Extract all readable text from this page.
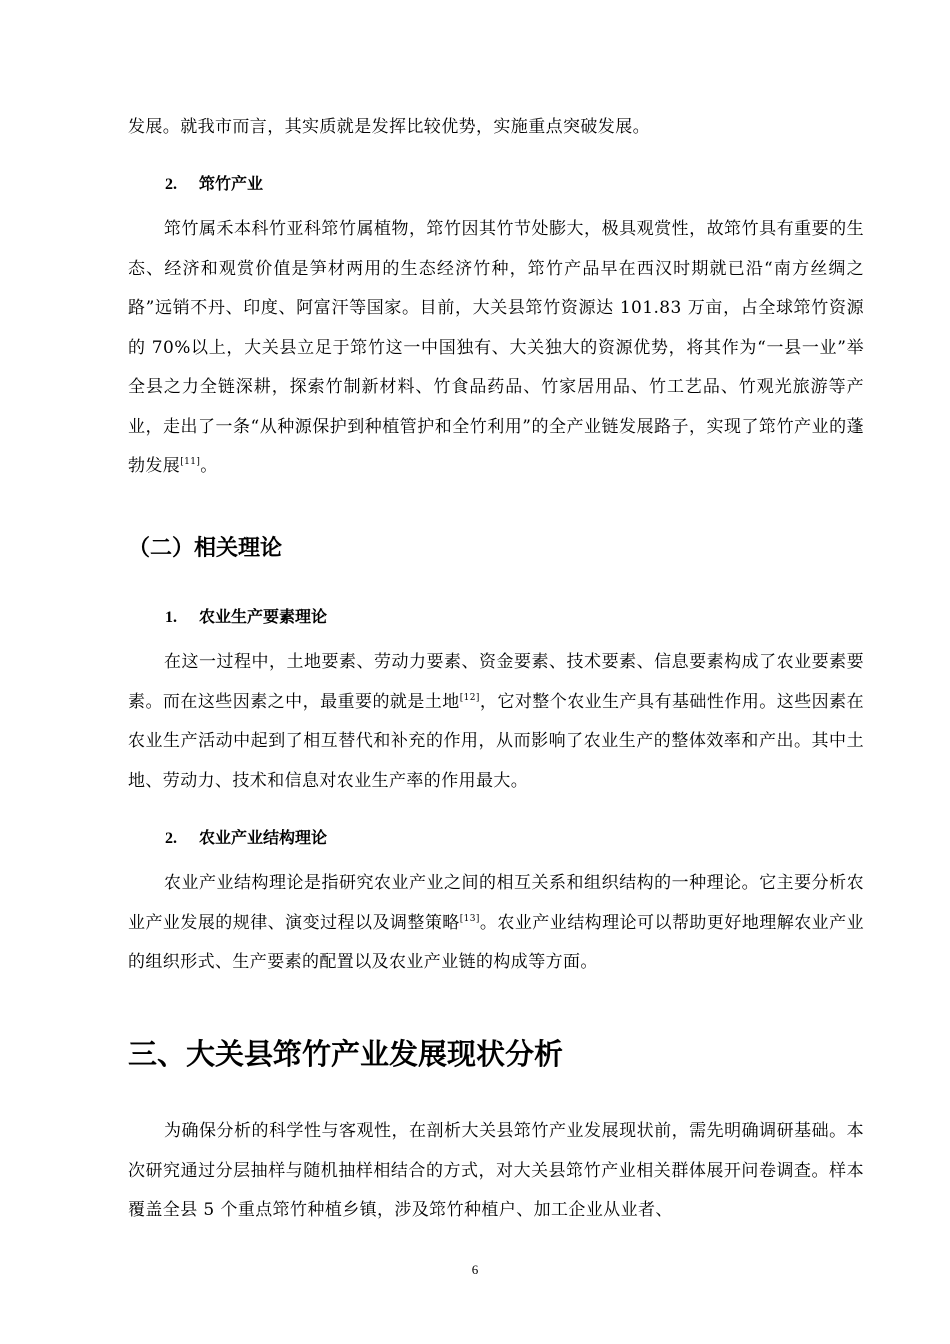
发展。就我市而言，其实质就是发挥比较优势，实施重点突破发展。
2. 筇竹产业
筇竹属禾本科竹亚科筇竹属植物，筇竹因其竹节处膨大，极具观赏性，故筇竹具有重要的生态、经济和观赏价值是笋材两用的生态经济竹种，筇竹产品早在西汉时期就已沿“南方丝绸之路”远销不丹、印度、阿富汗等国家。目前，大关县筇竹资源达 101.83 万亩，占全球筇竹资源的 70%以上，大关县立足于筇竹这一中国独有、大关独大的资源优势，将其作为“一县一业”举全县之力全链深耕，探索竹制新材料、竹食品药品、竹家居用品、竹工艺品、竹观光旅游等产业，走出了一条“从种源保护到种植管护和全竹利用”的全产业链发展路子，实现了筇竹产业的蓬勃发展[11]。
（二）相关理论
1. 农业生产要素理论
在这一过程中，土地要素、劳动力要素、资金要素、技术要素、信息要素构成了农业要素要素。而在这些因素之中，最重要的就是土地[12]，它对整个农业生产具有基础性作用。这些因素在农业生产活动中起到了相互替代和补充的作用，从而影响了农业生产的整体效率和产出。其中土地、劳动力、技术和信息对农业生产率的作用最大。
2. 农业产业结构理论
农业产业结构理论是指研究农业产业之间的相互关系和组织结构的一种理论。它主要分析农业产业发展的规律、演变过程以及调整策略[13]。农业产业结构理论可以帮助更好地理解农业产业的组织形式、生产要素的配置以及农业产业链的构成等方面。
三、大关县筇竹产业发展现状分析
为确保分析的科学性与客观性，在剖析大关县筇竹产业发展现状前，需先明确调研基础。本次研究通过分层抽样与随机抽样相结合的方式，对大关县筇竹产业相关群体展开问卷调查。样本覆盖全县 5 个重点筇竹种植乡镇，涉及筇竹种植户、加工企业从业者、
6
